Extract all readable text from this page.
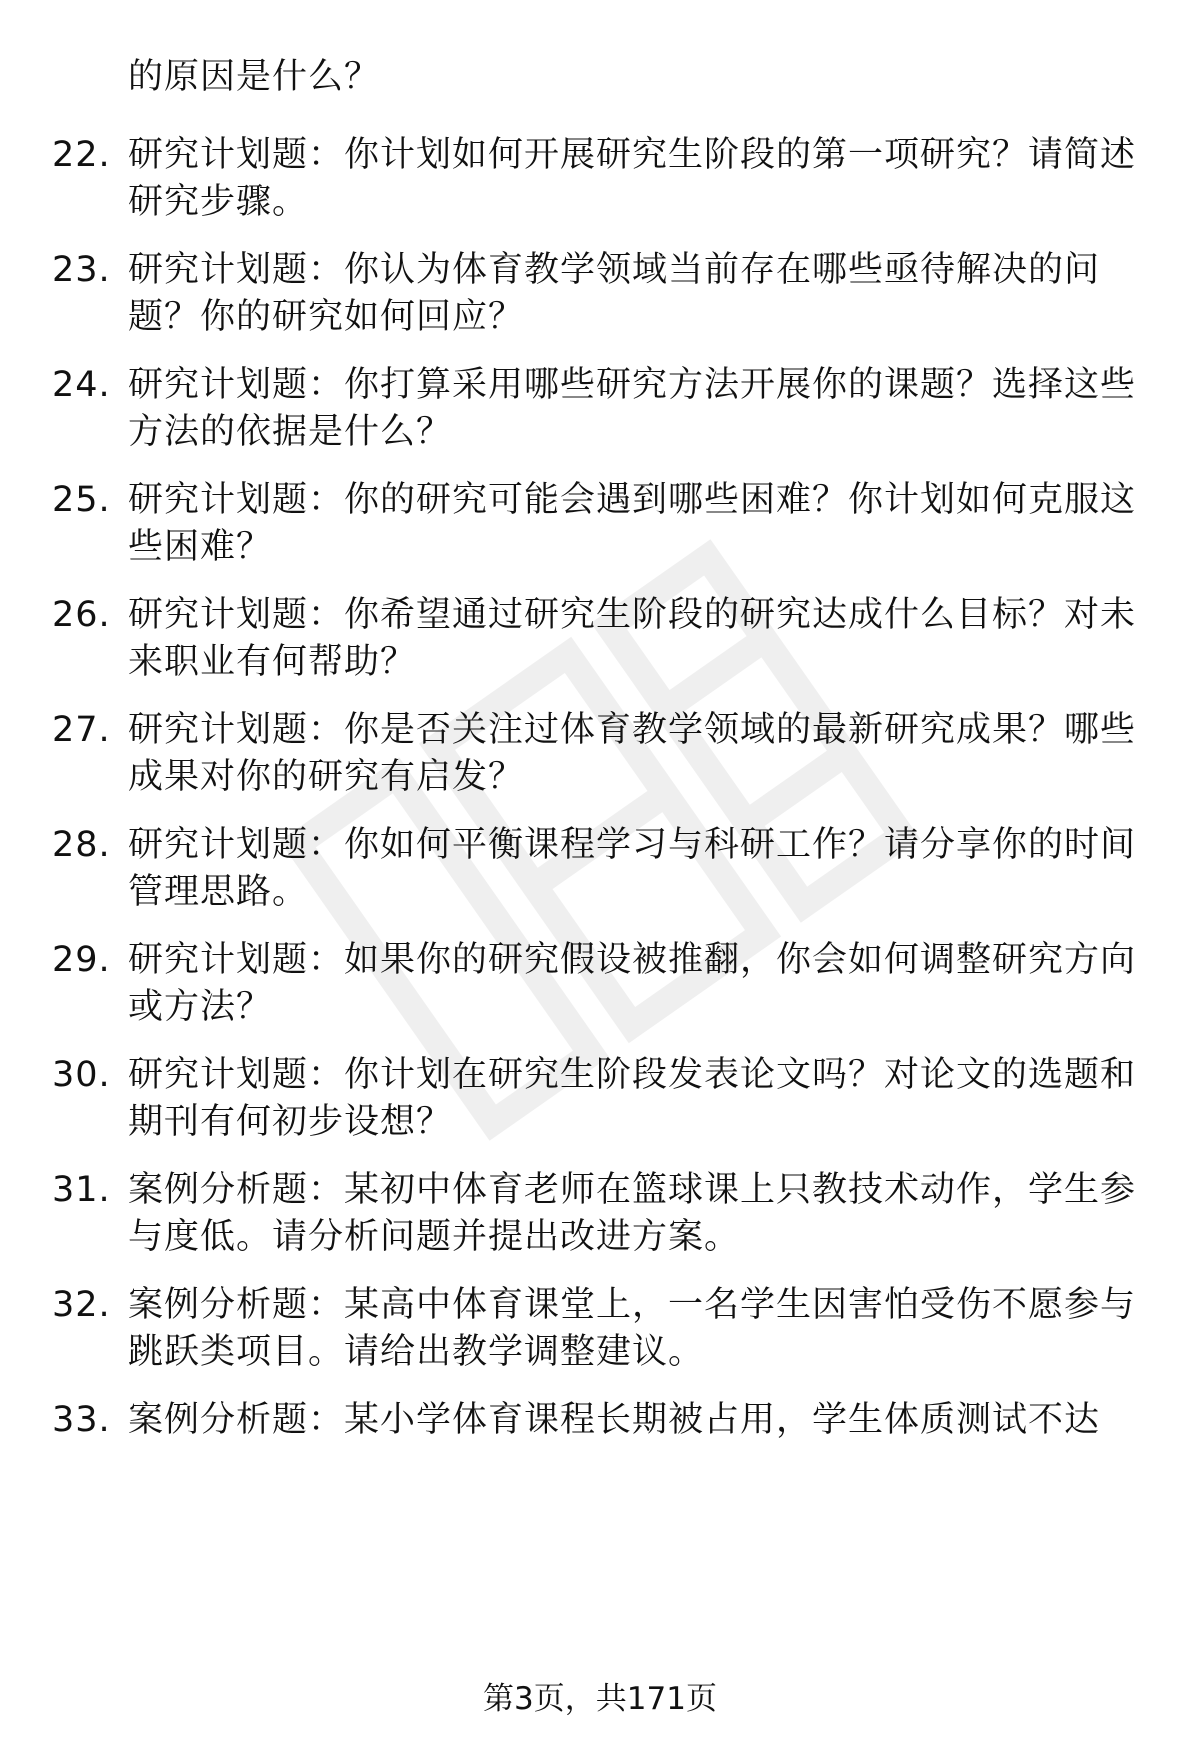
的原因是什么？
22. 研究计划题：你计划如何开展研究生阶段的第一项研究？请简述
研究步骤。
23. 研究计划题：你认为体育教学领域当前存在哪些亟待解决的问
题？你的研究如何回应？
24. 研究计划题：你打算采用哪些研究方法开展你的课题？选择这些
方法的依据是什么？
25. 研究计划题：你的研究可能会遇到哪些困难？你计划如何克服这
些困难？
26. 研究计划题：你希望通过研究生阶段的研究达成什么目标？对未
来职业有何帮助？
27. 研究计划题：你是否关注过体育教学领域的最新研究成果？哪些
成果对你的研究有启发？
28. 研究计划题：你如何平衡课程学习与科研工作？请分享你的时间
管理思路。
29. 研究计划题：如果你的研究假设被推翻，你会如何调整研究方向
或方法？
30. 研究计划题：你计划在研究生阶段发表论文吗？对论文的选题和
期刊有何初步设想？
31. 案例分析题：某初中体育老师在篮球课上只教技术动作，学生参
与度低。请分析问题并提出改进方案。
32. 案例分析题：某高中体育课堂上，一名学生因害怕受伤不愿参与
跳跃类项目。请给出教学调整建议。
33. 案例分析题：某小学体育课程长期被占用，学生体质测试不达
第3页，共171页
